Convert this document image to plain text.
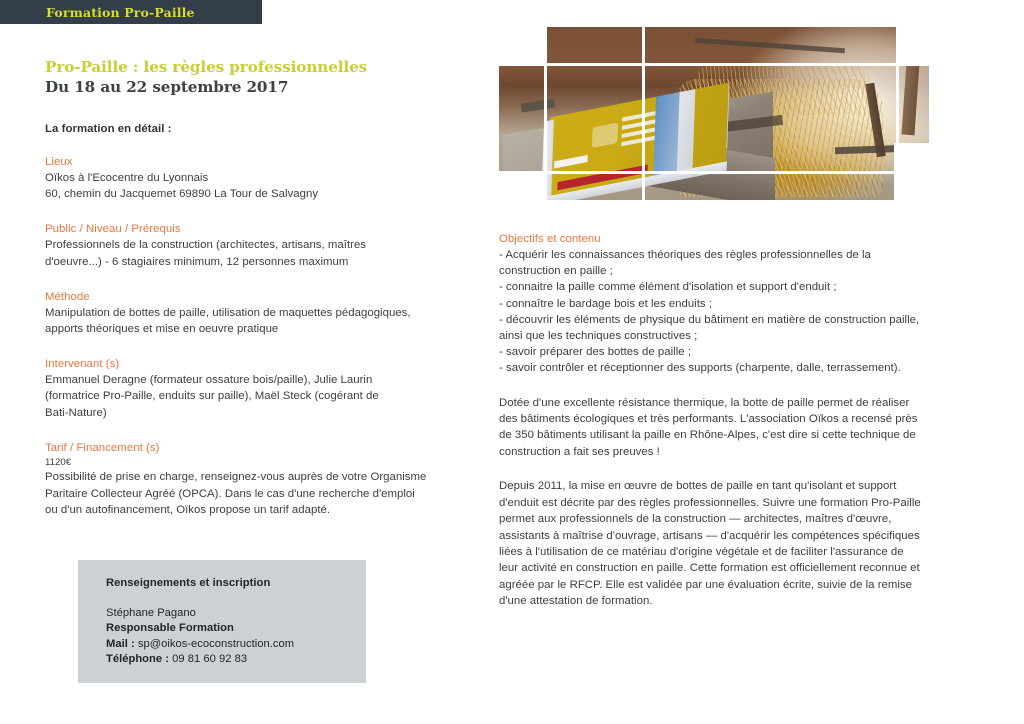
Formation Pro-Paille
Pro-Paille : les règles professionnelles
Du 18 au 22 septembre 2017
La formation en détail :
Lieux

Oïkos à l'Ecocentre du Lyonnais

60, chemin du Jacquemet 69890 La Tour de Salvagny

Public / Niveau / Prérequis

Professionnels de la construction (architectes, artisans, maîtres

d'oeuvre...) - 6 stagiaires minimum, 12 personnes maximum

Méthode

Manipulation de bottes de paille, utilisation de maquettes pédagogiques,

apports théoriques et mise en oeuvre pratique

Intervenant (s)

Emmanuel Deragne (formateur ossature bois/paille), Julie Laurin

(formatrice Pro-Paille, enduits sur paille), Maël Steck (cogérant de

Bati-Nature)

Tarif / Financement (s)
1120€

Possibilité de prise en charge, renseignez-vous auprès de votre Organisme

Paritaire Collecteur Agréé (OPCA). Dans le cas d'une recherche d'emploi

ou d'un autofinancement, Oïkos propose un tarif adapté.

Renseignements et inscription
Stéphane Pagano
Responsable Formation
Mail : sp@oikos-ecoconstruction.com
Téléphone : 09 81 60 92 83
Objectifs et contenu
- Acquérir les connaissances théoriques des règles professionnelles de la
construction en paille ;
- connaitre la paille comme élément d'isolation et support d'enduit ;
- connaître le bardage bois et les enduits ;
- découvrir les éléments de physique du bâtiment en matière de construction paille,
ainsi que les techniques constructives ;
- savoir préparer des bottes de paille ;
- savoir contrôler et réceptionner des supports (charpente, dalle, terrassement).
Dotée d'une excellente résistance thermique, la botte de paille permet de réaliser
des bâtiments écologiques et très performants. L'association Oïkos a recensé près
de 350 bâtiments utilisant la paille en Rhône-Alpes, c'est dire si cette technique de
construction a fait ses preuves !
Depuis 2011, la mise en œuvre de bottes de paille en tant qu'isolant et support
d'enduit est décrite par des règles professionnelles. Suivre une formation Pro-Paille
permet aux professionnels de la construction — architectes, maîtres d'œuvre,
assistants à maîtrise d'ouvrage, artisans — d'acquérir les compétences spécifiques
liées à l'utilisation de ce matériau d'origine végétale et de faciliter l'assurance de
leur activité en construction en paille. Cette formation est officiellement reconnue et
agréée par le RFCP. Elle est validée par une évaluation écrite, suivie de la remise
d'une attestation de formation.
